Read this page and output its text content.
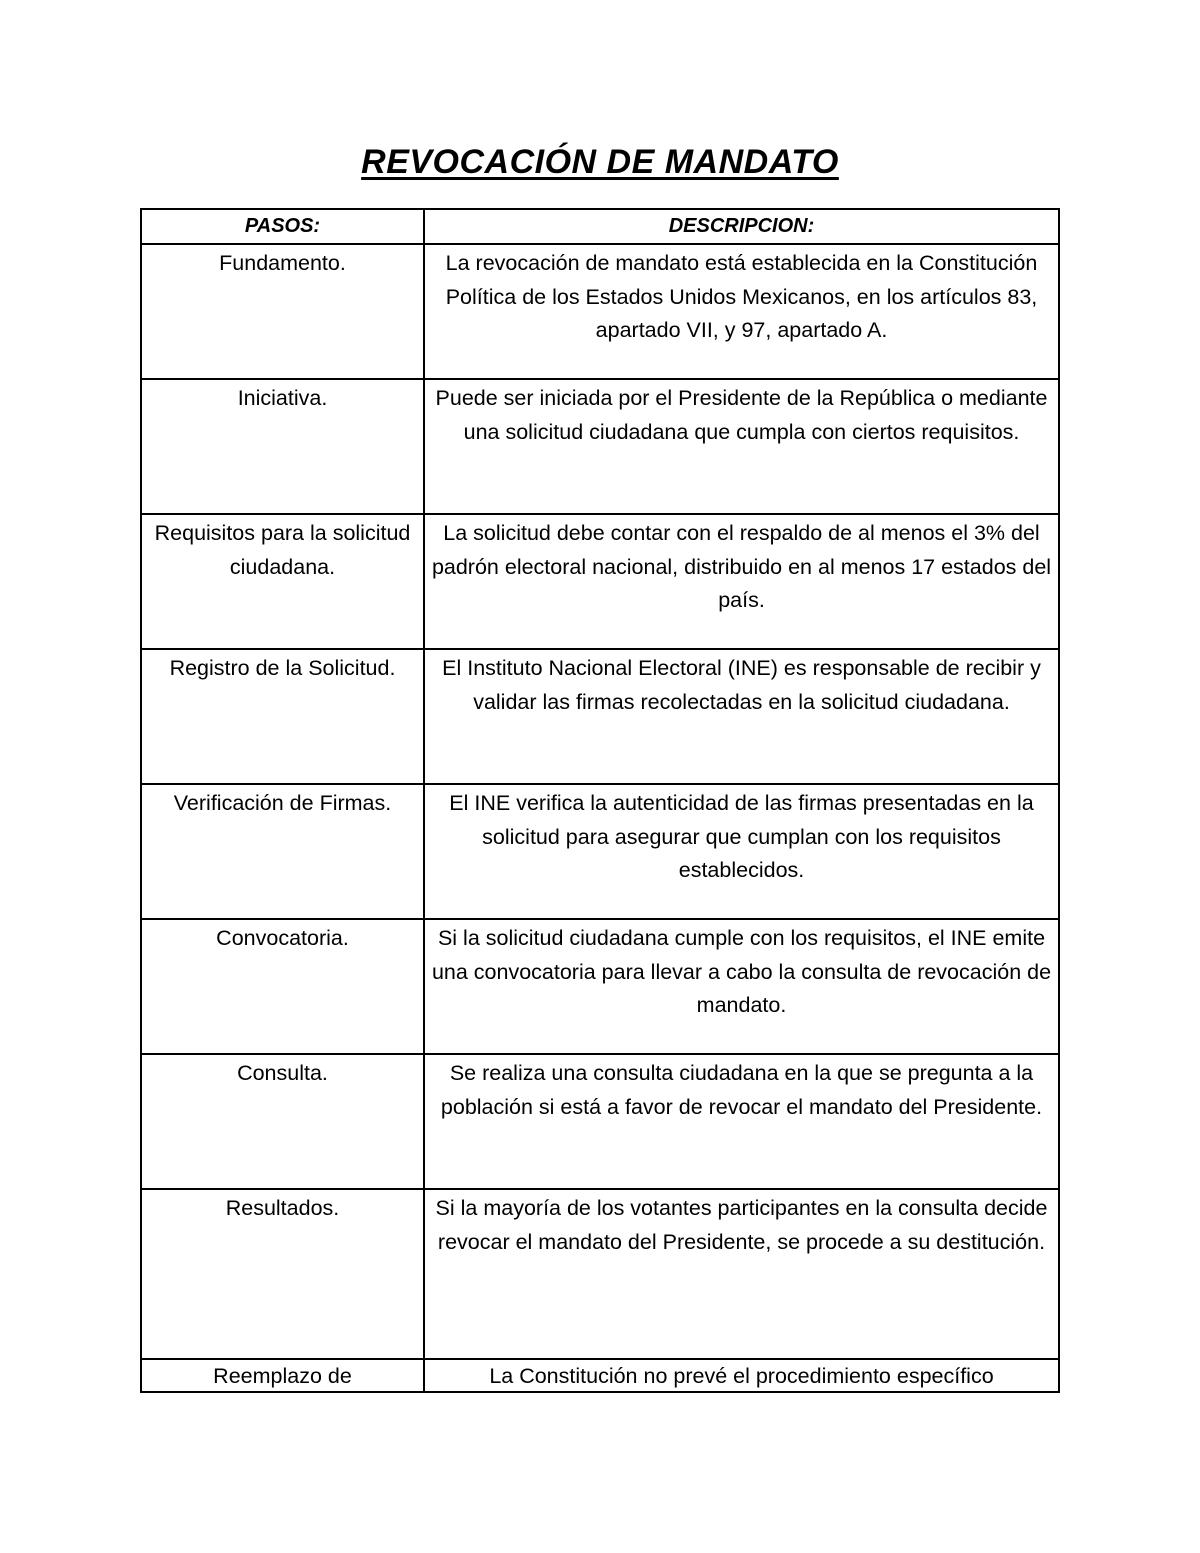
REVOCACIÓN DE MANDATO
PASOS:	DESCRIPCION:
Fundamento.	La revocación de mandato está establecida en la Constitución Política de los Estados Unidos Mexicanos, en los artículos 83, apartado VII, y 97, apartado A.
Iniciativa.	Puede ser iniciada por el Presidente de la República o mediante una solicitud ciudadana que cumpla con ciertos requisitos.
Requisitos para la solicitud ciudadana.	La solicitud debe contar con el respaldo de al menos el 3% del padrón electoral nacional, distribuido en al menos 17 estados del país.
Registro de la Solicitud.	El Instituto Nacional Electoral (INE) es responsable de recibir y validar las firmas recolectadas en la solicitud ciudadana.
Verificación de Firmas.	El INE verifica la autenticidad de las firmas presentadas en la solicitud para asegurar que cumplan con los requisitos establecidos.
Convocatoria.	Si la solicitud ciudadana cumple con los requisitos, el INE emite una convocatoria para llevar a cabo la consulta de revocación de mandato.
Consulta.	Se realiza una consulta ciudadana en la que se pregunta a la población si está a favor de revocar el mandato del Presidente.
Resultados.	Si la mayoría de los votantes participantes en la consulta decide revocar el mandato del Presidente, se procede a su destitución.
Reemplazo de	La Constitución no prevé el procedimiento específico
